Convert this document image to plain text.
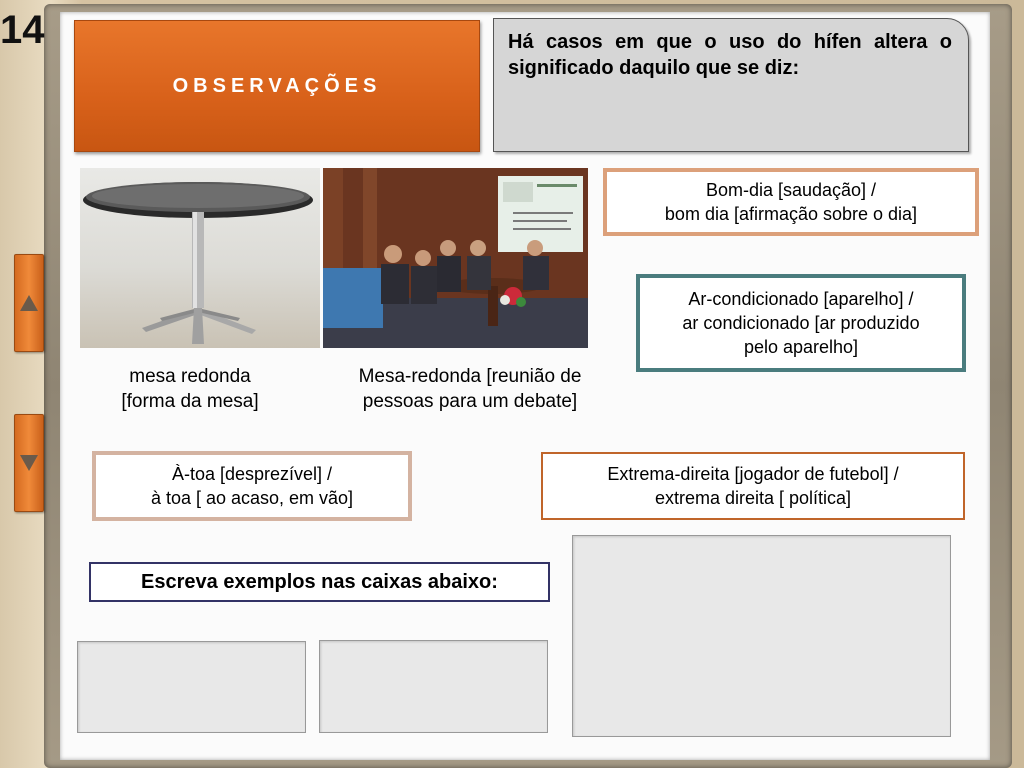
14
OBSERVAÇÕES

Há casos em que o uso do hífen altera o significado daquilo que se diz:

mesa redonda
[forma da mesa]
Mesa-redonda [reunião de
pessoas para um debate]
Bom-dia [saudação] /
bom dia [afirmação sobre o dia]
Ar-condicionado [aparelho] /
ar condicionado [ar produzido
pelo aparelho]
À-toa [desprezível] /
à toa [ ao acaso, em vão]
Extrema-direita [jogador de futebol] /
extrema direita [ política]
Escreva exemplos nas caixas abaixo:
